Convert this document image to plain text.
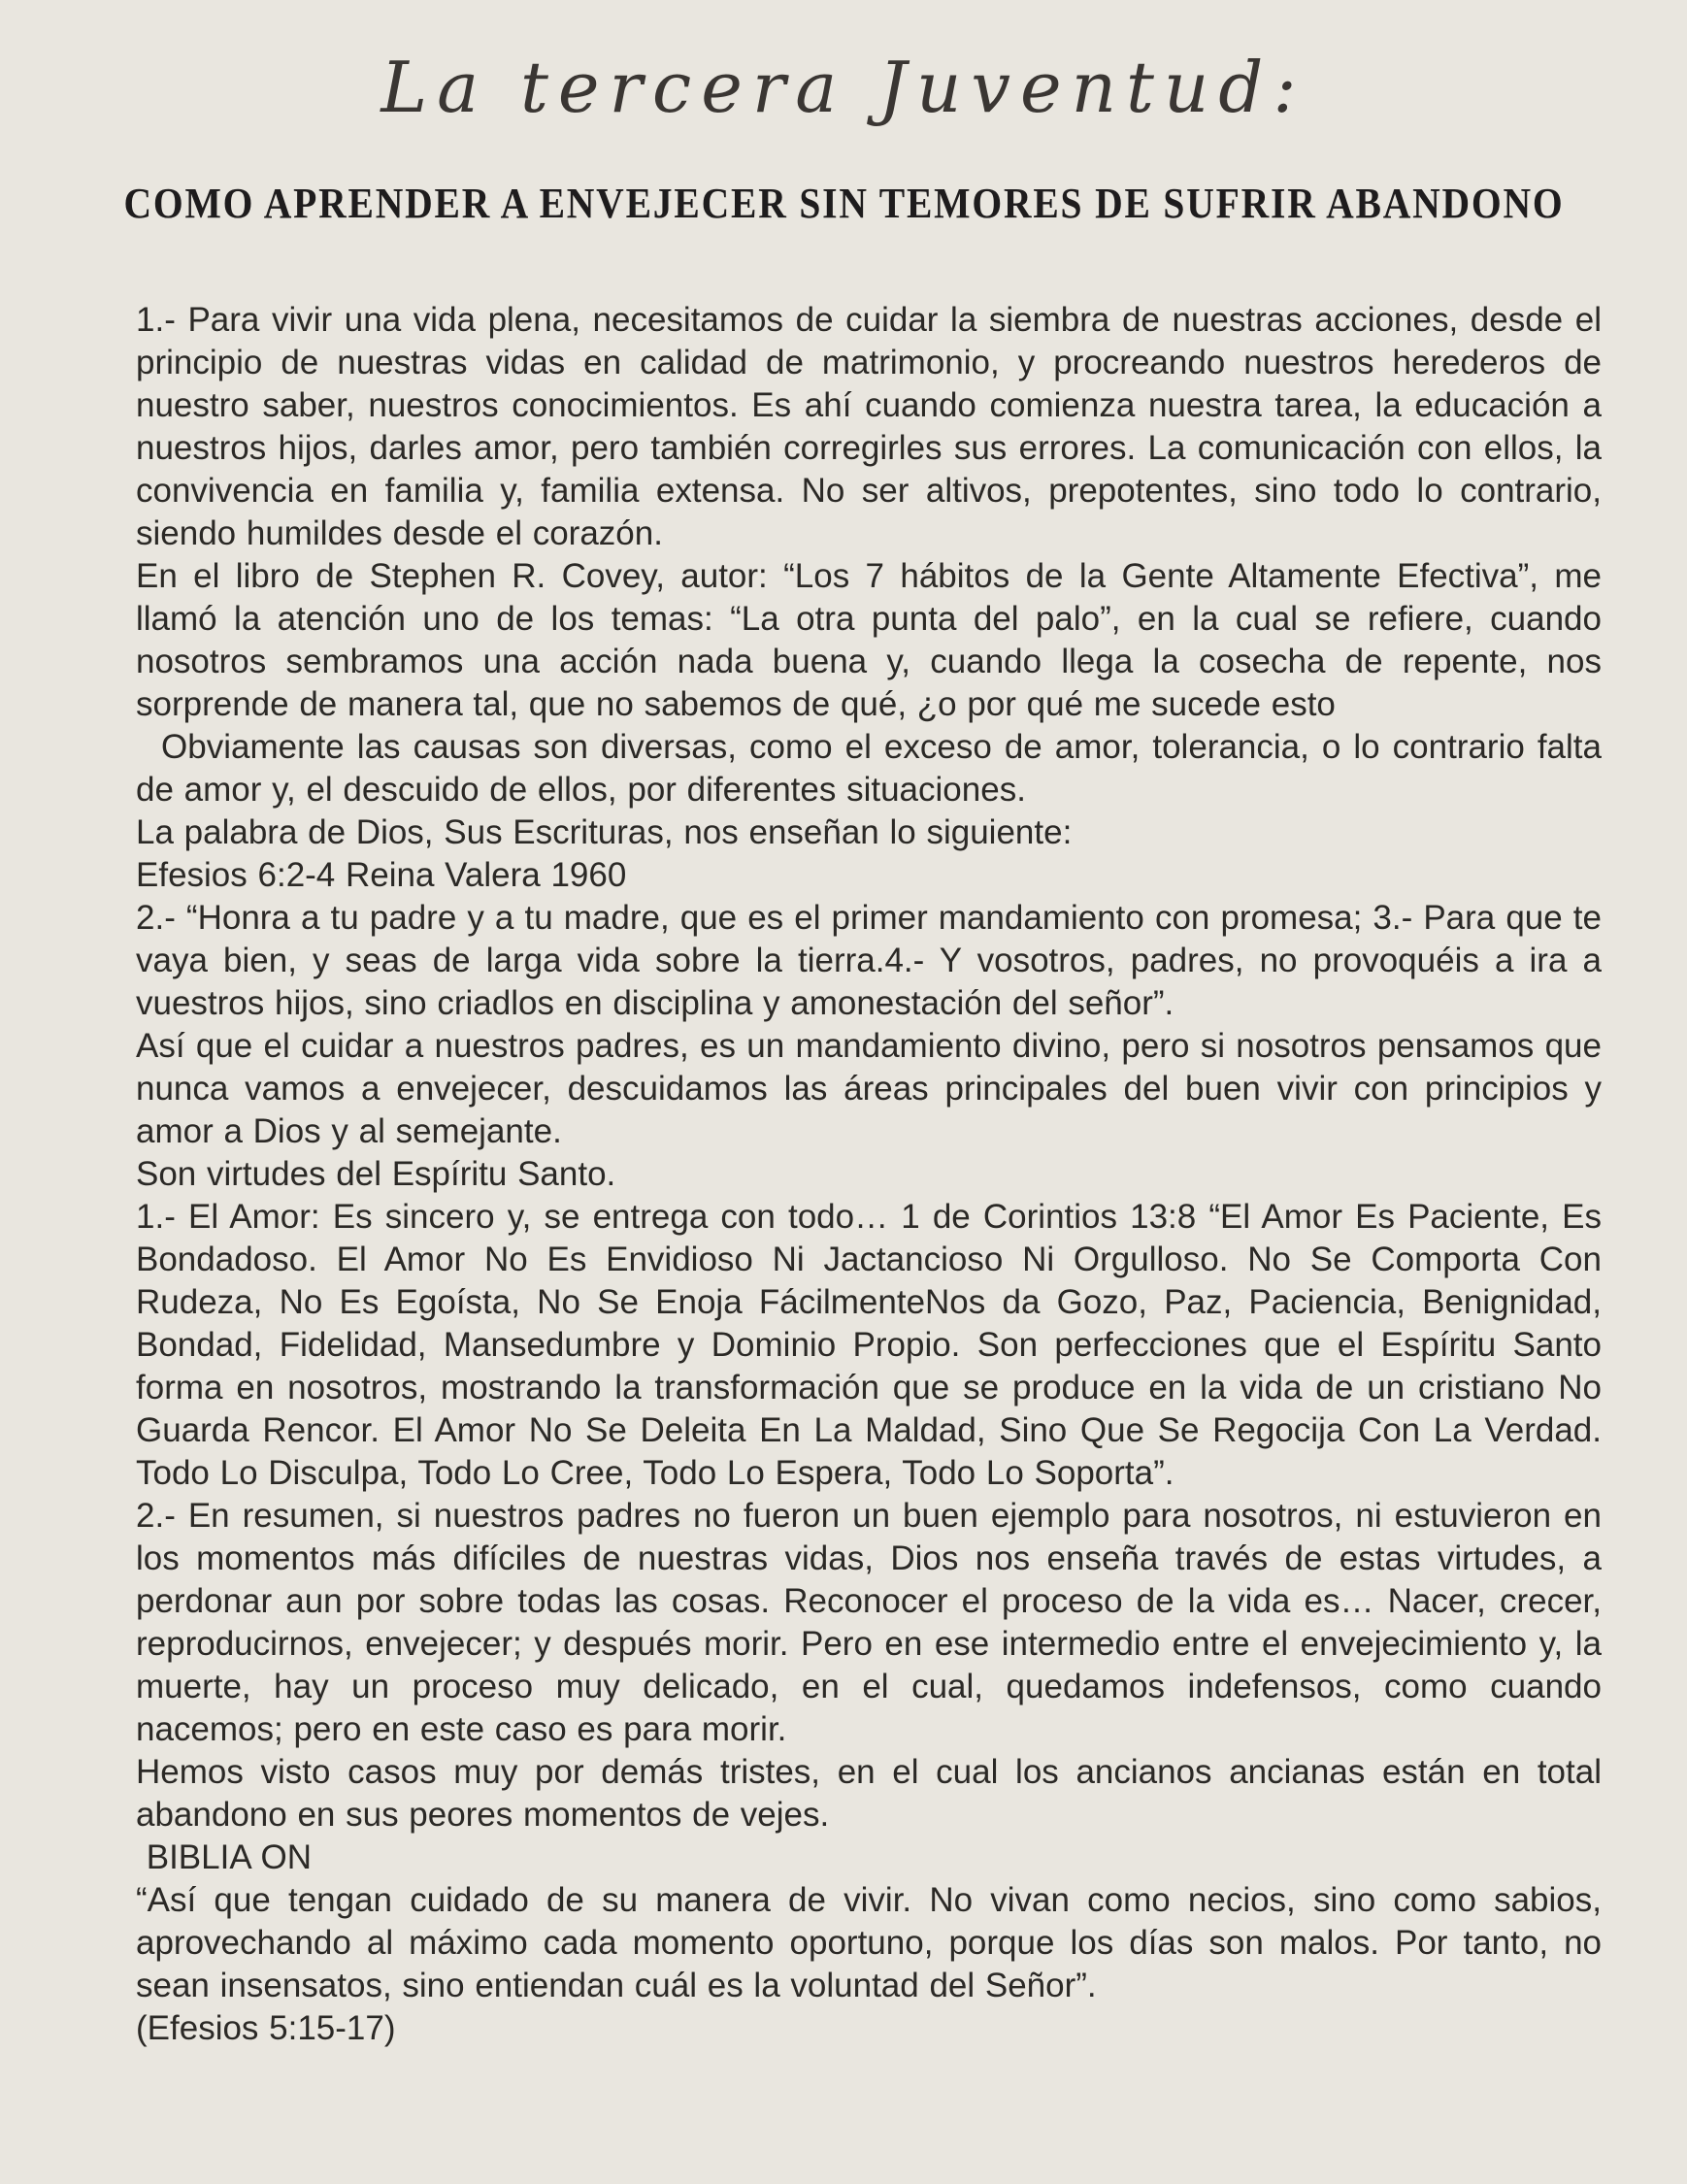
La tercera Juventud:
COMO APRENDER A ENVEJECER SIN TEMORES DE SUFRIR ABANDONO

1.- Para vivir una vida plena, necesitamos de cuidar la siembra de nuestras acciones, desde el principio de nuestras vidas en calidad de matrimonio, y procreando nuestros herederos de nuestro saber, nuestros conocimientos. Es ahí cuando comienza nuestra tarea, la educación a nuestros hijos, darles amor, pero también corregirles sus errores. La comunicación con ellos, la convivencia en familia y, familia extensa. No ser altivos, prepotentes, sino todo lo contrario, siendo humildes desde el corazón.

En el libro de Stephen R. Covey, autor: “Los 7 hábitos de la Gente Altamente Efectiva”, me llamó la atención uno de los temas: “La otra punta del palo”, en la cual se refiere, cuando nosotros sembramos una acción nada buena y, cuando llega la cosecha de repente, nos sorprende de manera tal, que no sabemos de qué, ¿o por qué me sucede esto

Obviamente las causas son diversas, como el exceso de amor, tolerancia, o lo contrario falta de amor y, el descuido de ellos, por diferentes situaciones.

La palabra de Dios, Sus Escrituras, nos enseñan lo siguiente:

Efesios 6:2-4 Reina Valera 1960

2.- “Honra a tu padre y a tu madre, que es el primer mandamiento con promesa; 3.- Para que te vaya bien, y seas de larga vida sobre la tierra.4.- Y vosotros, padres, no provoquéis a ira a vuestros hijos, sino criadlos en disciplina y amonestación del señor”.

Así que el cuidar a nuestros padres, es un mandamiento divino, pero si nosotros pensamos que nunca vamos a envejecer, descuidamos las áreas principales del buen vivir con principios y amor a Dios y al semejante.

Son virtudes del Espíritu Santo.

1.- El Amor: Es sincero y, se entrega con todo… 1 de Corintios 13:8 “El Amor Es Paciente, Es Bondadoso. El Amor No Es Envidioso Ni Jactancioso Ni Orgulloso. No Se Comporta Con Rudeza, No Es Egoísta, No Se Enoja FácilmenteNos da Gozo, Paz, Paciencia, Benignidad, Bondad, Fidelidad, Mansedumbre y Dominio Propio. Son perfecciones que el Espíritu Santo forma en nosotros, mostrando la transformación que se produce en la vida de un cristiano No Guarda Rencor. El Amor No Se Deleita En La Maldad, Sino Que Se Regocija Con La Verdad. Todo Lo Disculpa, Todo Lo Cree, Todo Lo Espera, Todo Lo Soporta”.

2.- En resumen, si nuestros padres no fueron un buen ejemplo para nosotros, ni estuvieron en los momentos más difíciles de nuestras vidas, Dios nos enseña través de estas virtudes, a perdonar aun por sobre todas las cosas. Reconocer el proceso de la vida es… Nacer, crecer, reproducirnos, envejecer; y después morir. Pero en ese intermedio entre el envejecimiento y, la muerte, hay un proceso muy delicado, en el cual, quedamos indefensos, como cuando nacemos; pero en este caso es para morir.

Hemos visto casos muy por demás tristes, en el cual los ancianos ancianas están en total abandono en sus peores momentos de vejes.

BIBLIA ON

“Así que tengan cuidado de su manera de vivir. No vivan como necios, sino como sabios, aprovechando al máximo cada momento oportuno, porque los días son malos. Por tanto, no sean insensatos, sino entiendan cuál es la voluntad del Señor”.

(Efesios 5:15-17)
